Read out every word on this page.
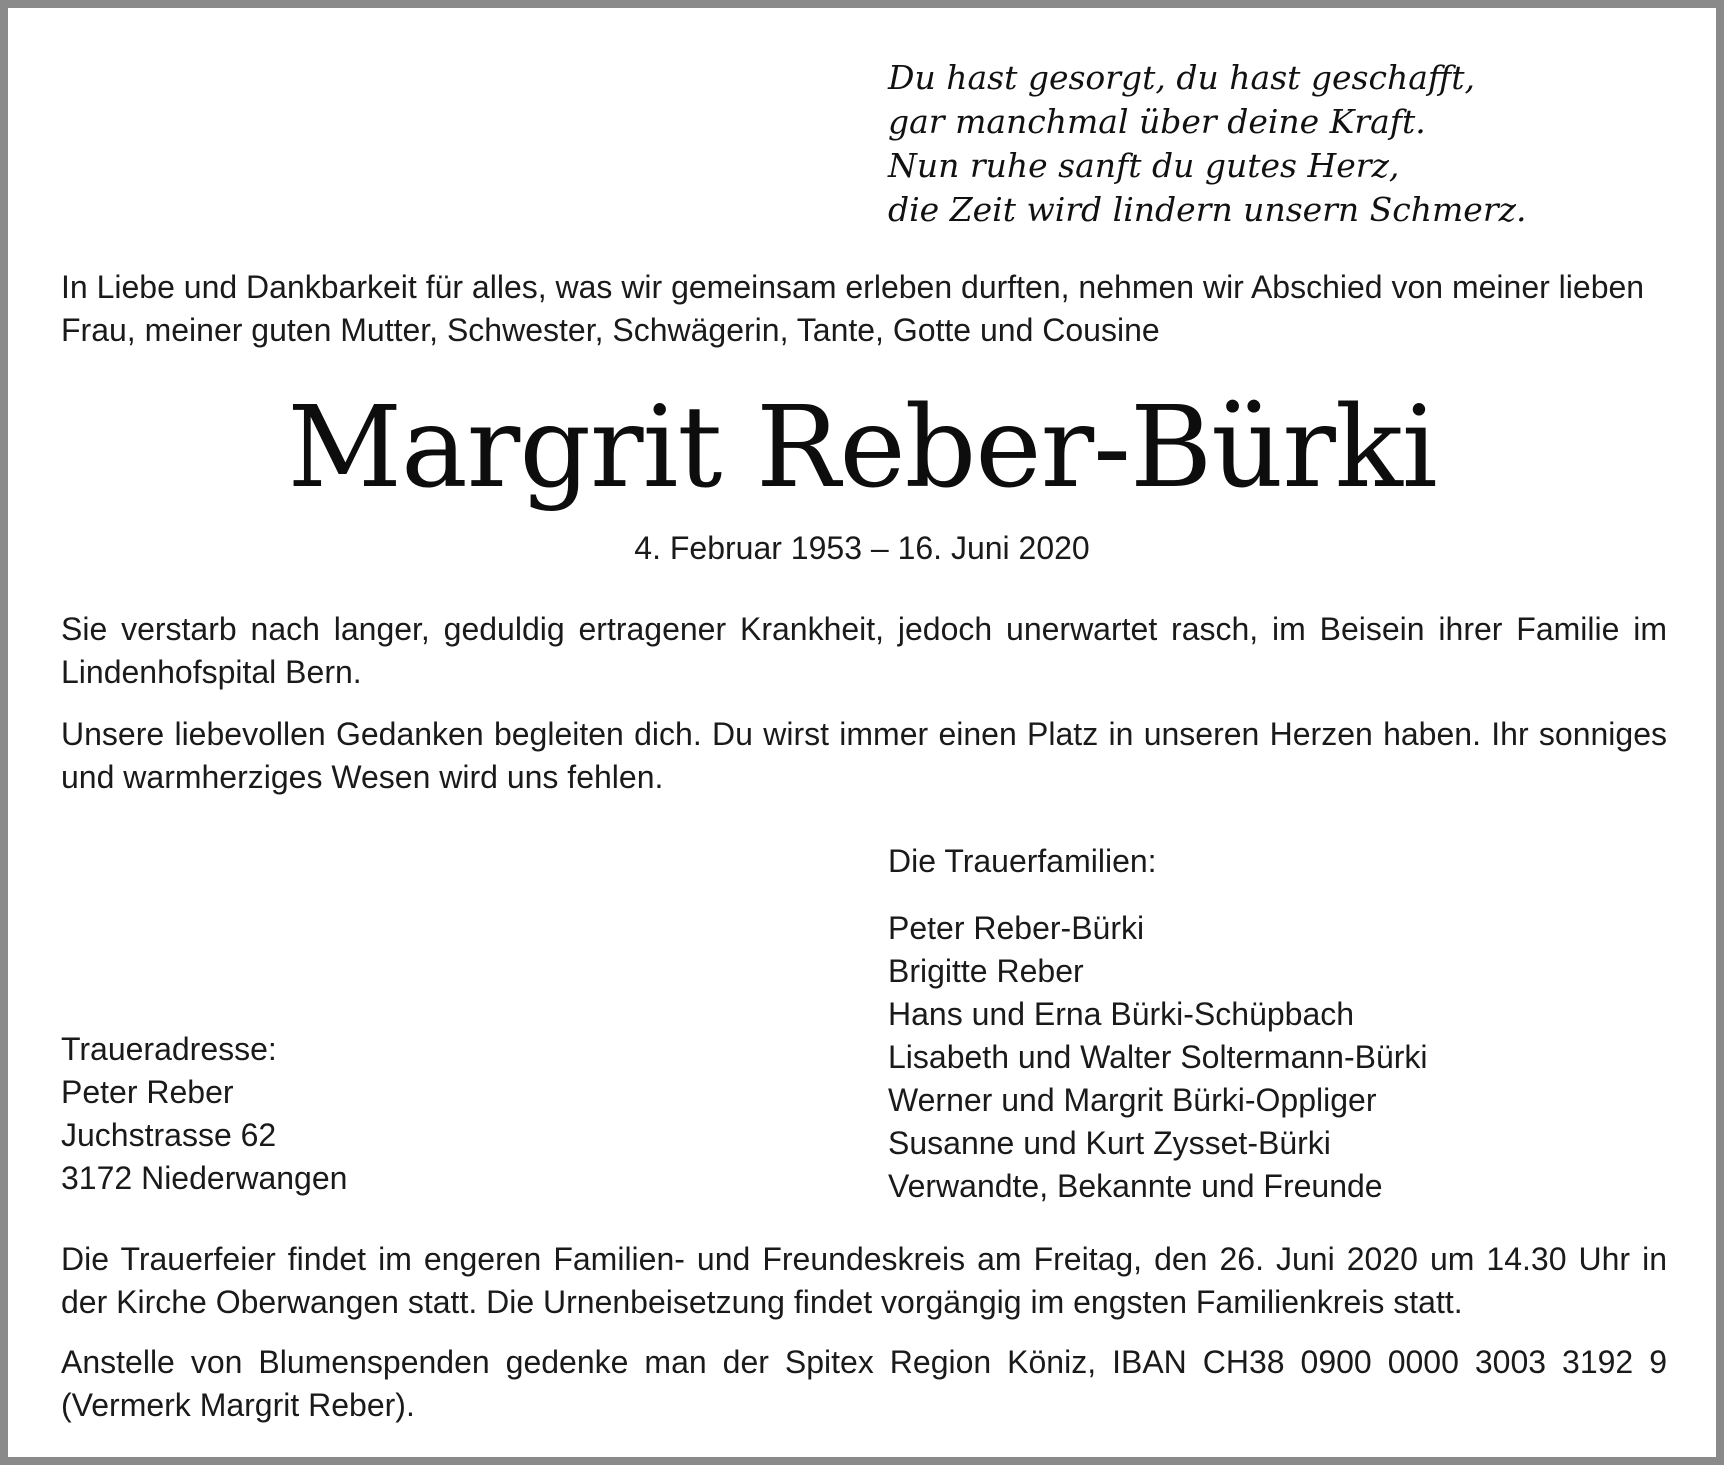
Du hast gesorgt, du hast geschafft,
gar manchmal über deine Kraft.
Nun ruhe sanft du gutes Herz,
die Zeit wird lindern unsern Schmerz.
In Liebe und Dankbarkeit für alles, was wir gemeinsam erleben durften, nehmen wir Abschied von meiner lieben Frau, meiner guten Mutter, Schwester, Schwägerin, Tante, Gotte und Cousine
Margrit Reber-Bürki
4. Februar 1953 – 16. Juni 2020
Sie verstarb nach langer, geduldig ertragener Krankheit, jedoch unerwartet rasch, im Beisein ihrer Familie im Lindenhofspital Bern.
Unsere liebevollen Gedanken begleiten dich. Du wirst immer einen Platz in unseren Herzen haben. Ihr sonniges und warmherziges Wesen wird uns fehlen.
Die Trauerfamilien:
Peter Reber-Bürki
Brigitte Reber
Hans und Erna Bürki-Schüpbach
Lisabeth und Walter Soltermann-Bürki
Werner und Margrit Bürki-Oppliger
Susanne und Kurt Zysset-Bürki
Verwandte, Bekannte und Freunde
Traueradresse:
Peter Reber
Juchstrasse 62
3172 Niederwangen
Die Trauerfeier findet im engeren Familien- und Freundeskreis am Freitag, den 26. Juni 2020 um 14.30 Uhr in der Kirche Oberwangen statt. Die Urnenbeisetzung findet vorgängig im engsten Familienkreis statt.
Anstelle von Blumenspenden gedenke man der Spitex Region Köniz, IBAN CH38 0900 0000 3003 3192 9 (Vermerk Margrit Reber).
